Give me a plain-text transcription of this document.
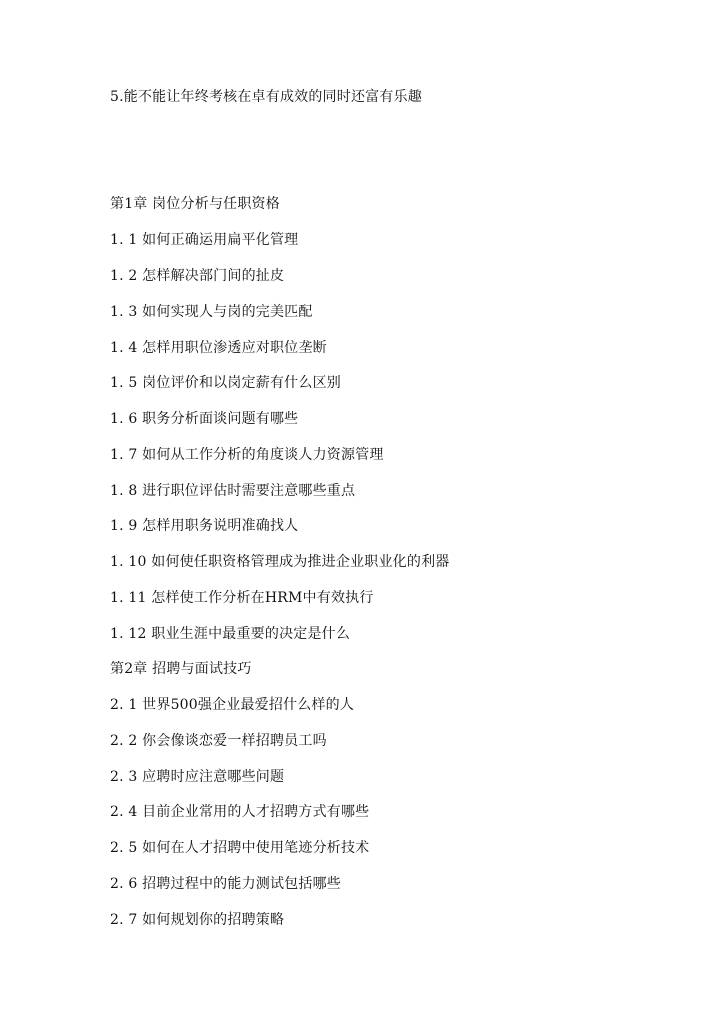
5.能不能让年终考核在卓有成效的同时还富有乐趣
第1章 岗位分析与任职资格
1. 1 如何正确运用扁平化管理
1. 2 怎样解决部门间的扯皮
1. 3 如何实现人与岗的完美匹配
1. 4 怎样用职位渗透应对职位垄断
1. 5 岗位评价和以岗定薪有什么区别
1. 6 职务分析面谈问题有哪些
1. 7 如何从工作分析的角度谈人力资源管理
1. 8 进行职位评估时需要注意哪些重点
1. 9 怎样用职务说明准确找人
1. 10 如何使任职资格管理成为推进企业职业化的利器
1. 11 怎样使工作分析在HRM中有效执行
1. 12 职业生涯中最重要的决定是什么
第2章 招聘与面试技巧
2. 1 世界500强企业最爱招什么样的人
2. 2 你会像谈恋爱一样招聘员工吗
2. 3 应聘时应注意哪些问题
2. 4 目前企业常用的人才招聘方式有哪些
2. 5 如何在人才招聘中使用笔迹分析技术
2. 6 招聘过程中的能力测试包括哪些
2. 7 如何规划你的招聘策略
